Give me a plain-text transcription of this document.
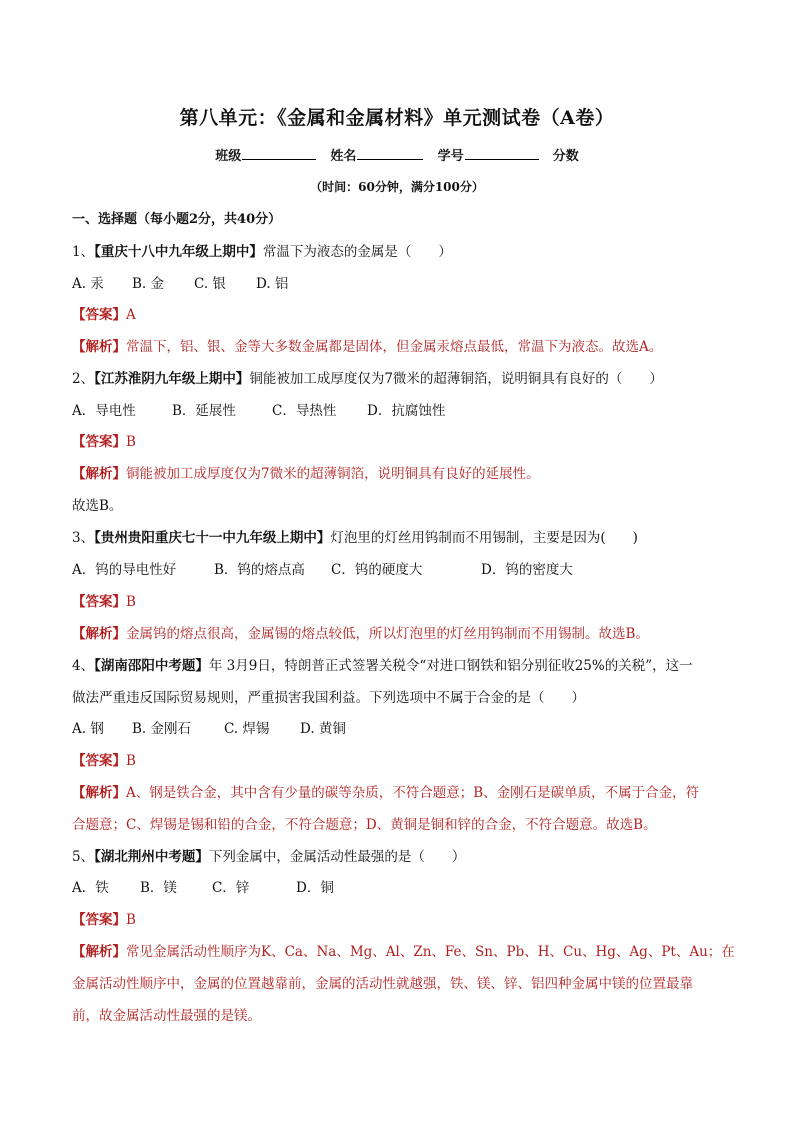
第八单元：《金属和金属材料》单元测试卷（A卷）
班级	姓名	学号	分数
（时间：60分钟，满分100分）
一、选择题（每小题2分，共40分）
1、【重庆十八中九年级上期中】常温下为液态的金属是（　　）
A. 汞 B. 金 C. 银 D. 铝
【答案】A
【解析】常温下，铝、银、金等大多数金属都是固体，但金属汞熔点最低，常温下为液态。故选A。
2、【江苏淮阴九年级上期中】铜能被加工成厚度仅为7微米的超薄铜箔，说明铜具有良好的（　　）
A．导电性	B．延展性	C．导热性 D．抗腐蚀性
【答案】B
【解析】铜能被加工成厚度仅为7微米的超薄铜箔，说明铜具有良好的延展性。
故选B。
3、【贵州贵阳重庆七十一中九年级上期中】灯泡里的灯丝用钨制而不用锡制，主要是因为(　　)
A．钨的导电性好	B．钨的熔点高 C．钨的硬度大	D．钨的密度大
【答案】B
【解析】金属钨的熔点很高，金属锡的熔点较低，所以灯泡里的灯丝用钨制而不用锡制。故选B。
4、【湖南邵阳中考题】年 3月9日，特朗普正式签署关税令“对进口钢铁和铝分别征收25%的关税”，这一
做法严重违反国际贸易规则，严重损害我国利益。下列选项中不属于合金的是（　　）
A. 钢 B. 金刚石 C. 焊锡 D. 黄铜
【答案】B
【解析】A、钢是铁合金，其中含有少量的碳等杂质，不符合题意；B、金刚石是碳单质，不属于合金，符
合题意；C、焊锡是锡和铅的合金，不符合题意；D、黄铜是铜和锌的合金，不符合题意。故选B。
5、【湖北荆州中考题】下列金属中，金属活动性最强的是（　　）
A．铁 B．镁	C．锌	D．铜
【答案】B
【解析】常见金属活动性顺序为K、Ca、Na、Mg、Al、Zn、Fe、Sn、Pb、H、Cu、Hg、Ag、Pt、Au；在
金属活动性顺序中，金属的位置越靠前，金属的活动性就越强，铁、镁、锌、铝四种金属中镁的位置最靠
前，故金属活动性最强的是镁。
